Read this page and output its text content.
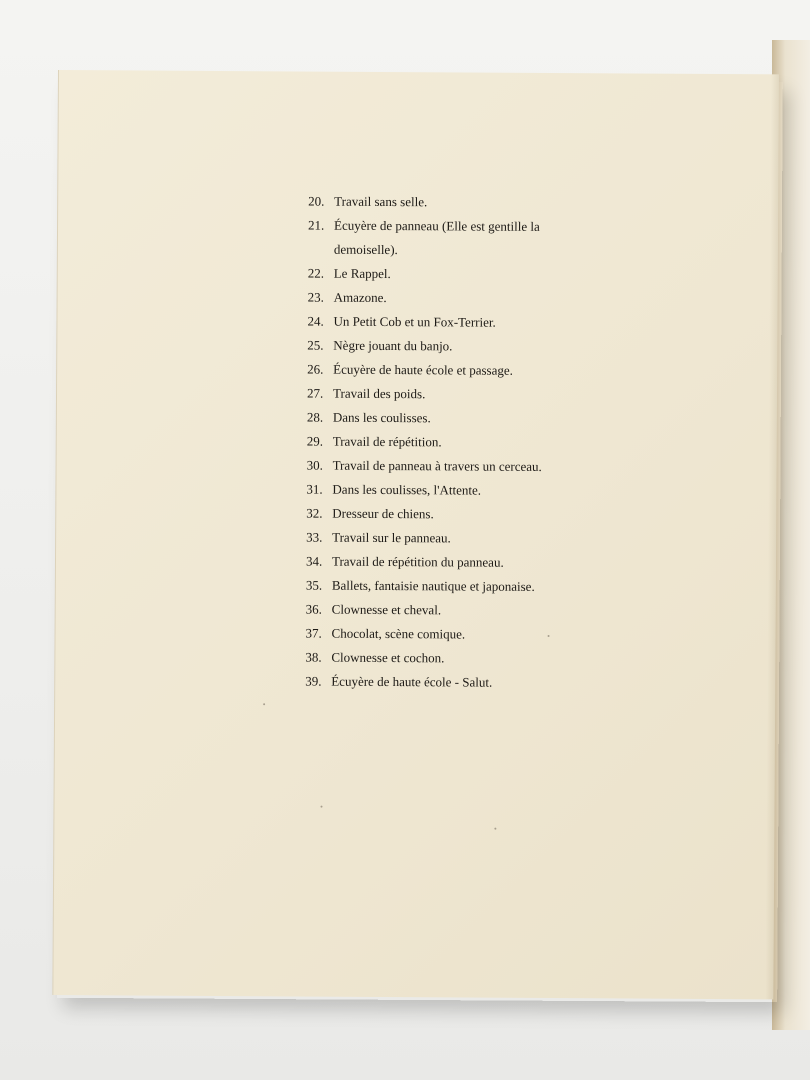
20. Travail sans selle.
21. Écuyère de panneau (Elle est gentille la demoiselle).
22. Le Rappel.
23. Amazone.
24. Un Petit Cob et un Fox-Terrier.
25. Nègre jouant du banjo.
26. Écuyère de haute école et passage.
27. Travail des poids.
28. Dans les coulisses.
29. Travail de répétition.
30. Travail de panneau à travers un cerceau.
31. Dans les coulisses, l'Attente.
32. Dresseur de chiens.
33. Travail sur le panneau.
34. Travail de répétition du panneau.
35. Ballets, fantaisie nautique et japonaise.
36. Clownesse et cheval.
37. Chocolat, scène comique.
38. Clownesse et cochon.
39. Écuyère de haute école - Salut.
